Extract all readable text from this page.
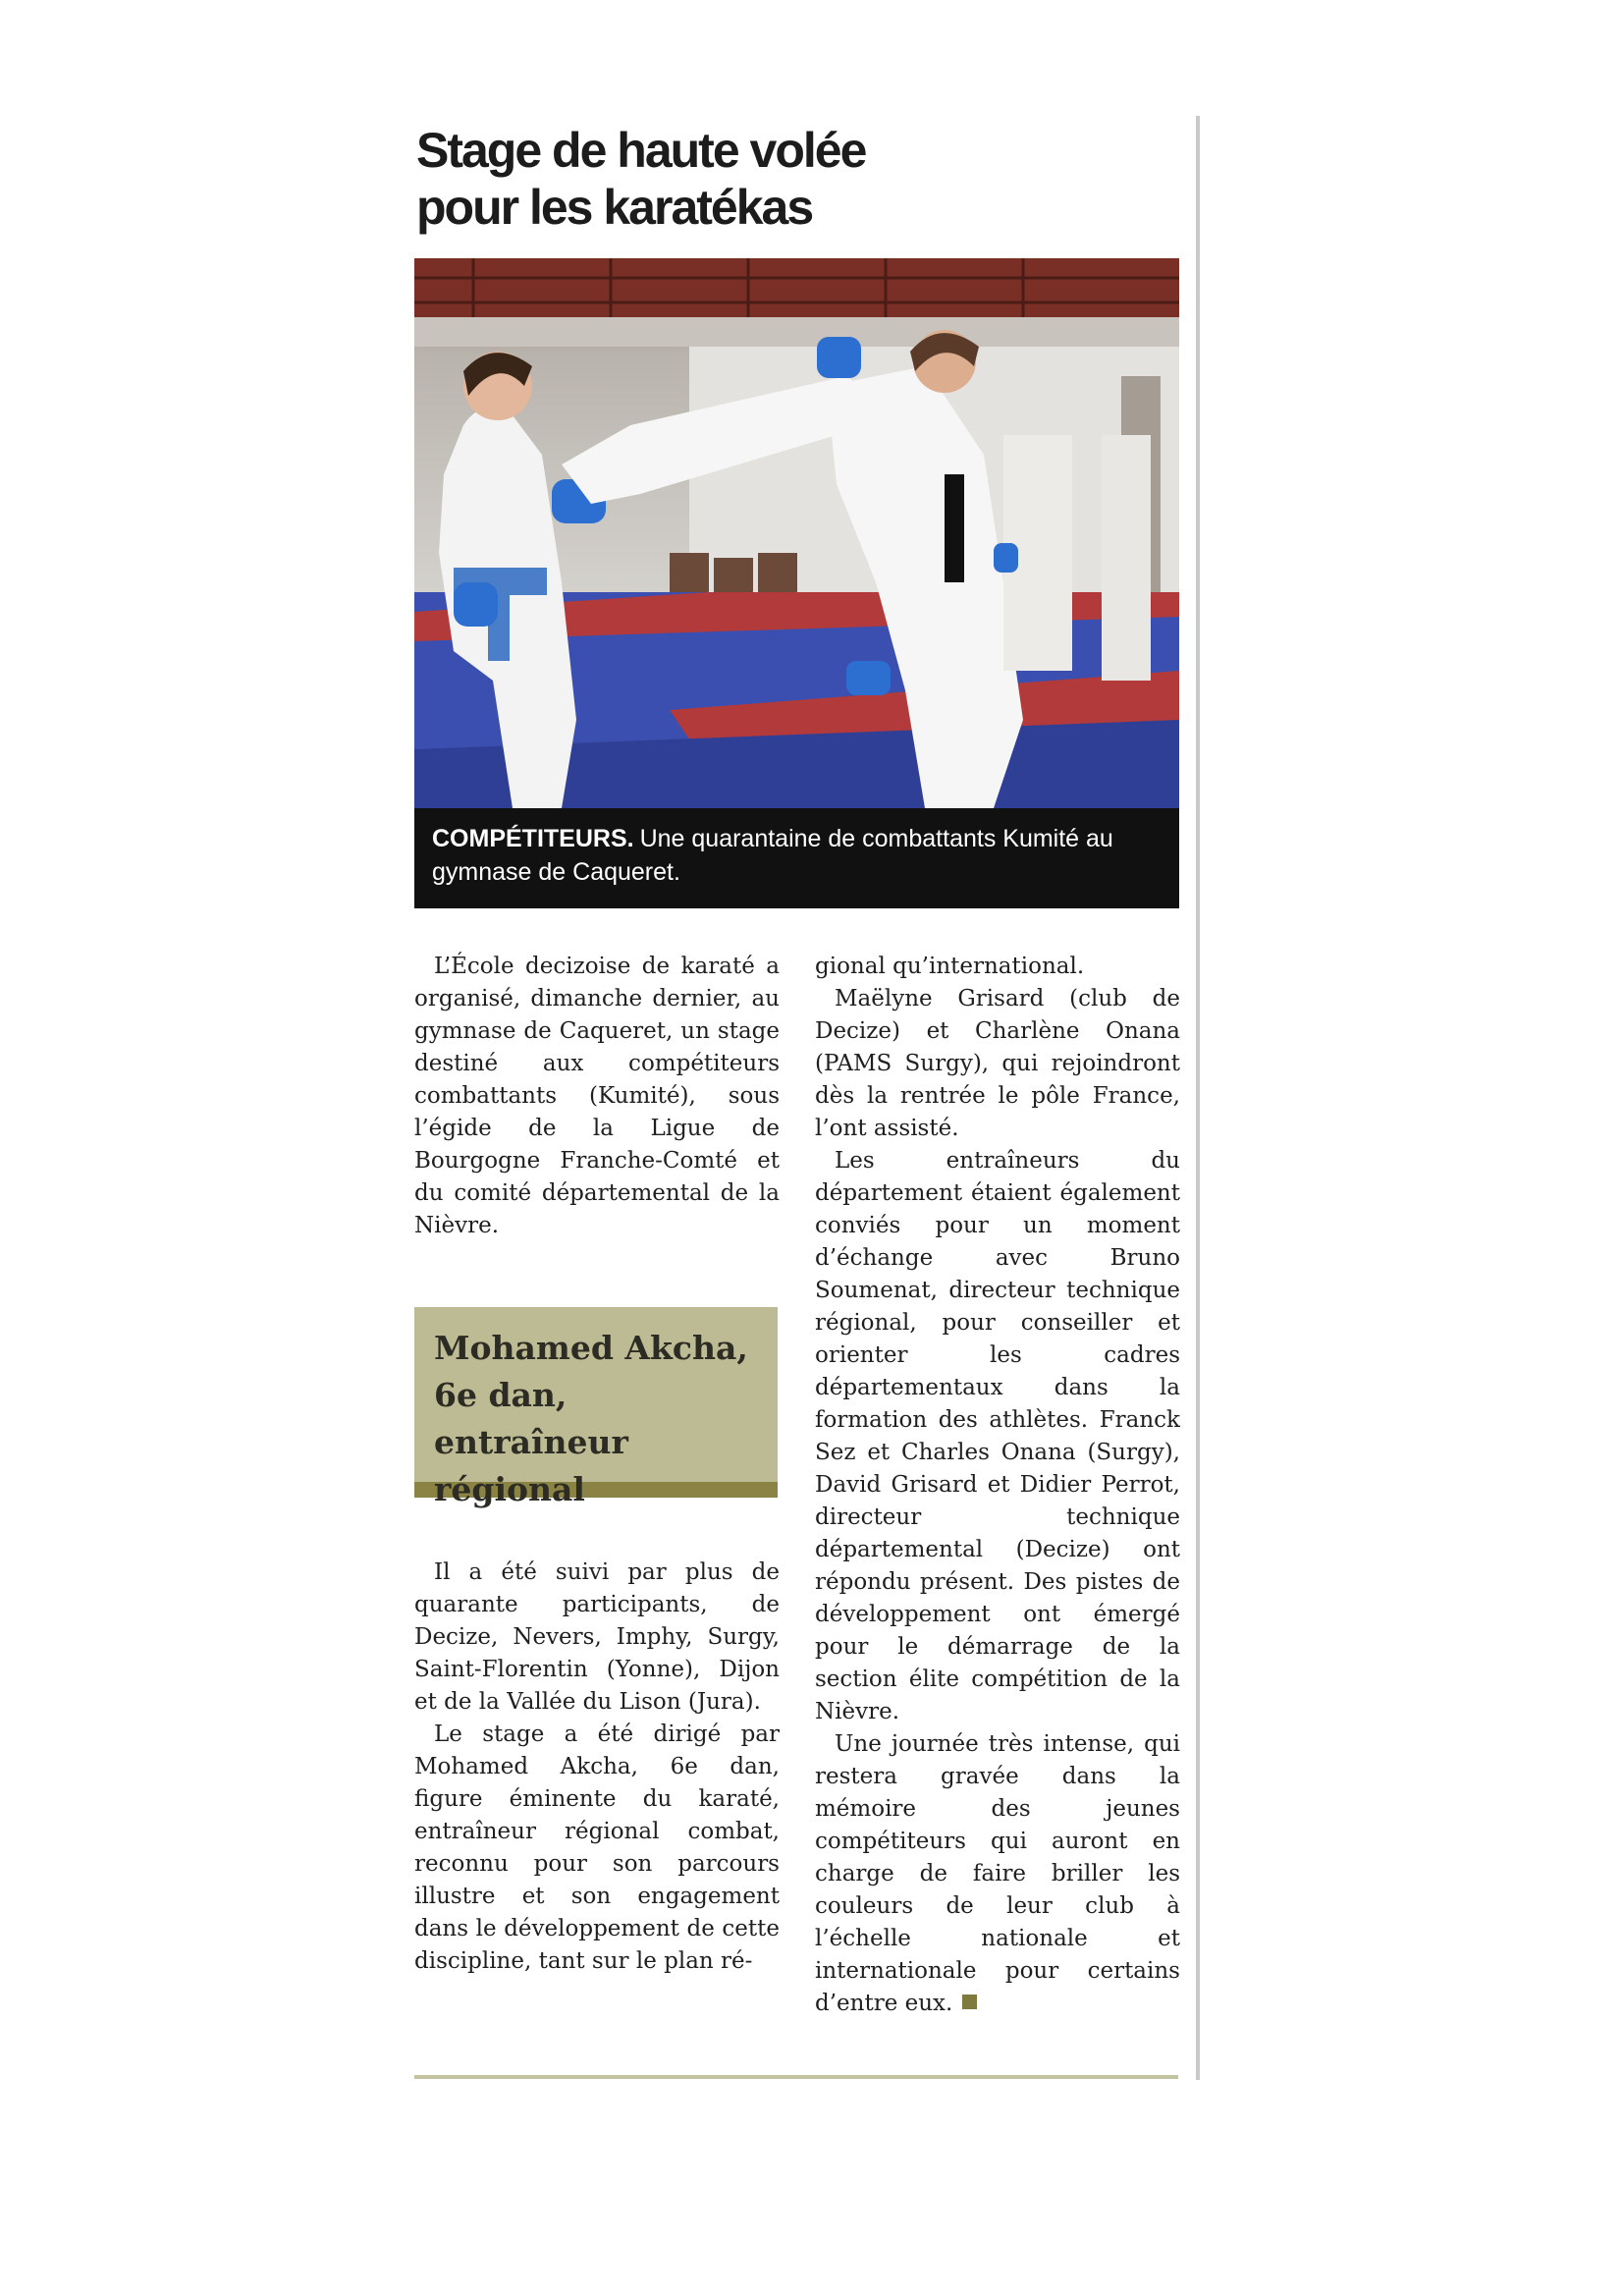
Stage de haute volée
pour les karatékas

COMPÉTITEURS. Une quarantaine de combattants Kumité au gymnase de Caqueret.

L’École decizoise de karaté a organisé, dimanche dernier, au gymnase de Caqueret, un stage destiné aux compétiteurs combattants (Kumité), sous l’égide de la Ligue de Bourgogne Franche-Comté et du comité départemental de la Nièvre.

Mohamed Akcha, 6e dan, entraîneur régional

Il a été suivi par plus de quarante participants, de Decize, Nevers, Imphy, Surgy, Saint-Florentin (Yonne), Dijon et de la Vallée du Lison (Jura).

Le stage a été dirigé par Mohamed Akcha, 6e dan, figure éminente du karaté, entraîneur régional combat, reconnu pour son parcours illustre et son engagement dans le développement de cette discipline, tant sur le plan ré-

gional qu’international.

Maëlyne Grisard (club de Decize) et Charlène Onana (PAMS Surgy), qui rejoindront dès la rentrée le pôle France, l’ont assisté.

Les entraîneurs du département étaient également conviés pour un moment d’échange avec Bruno Soumenat, directeur technique régional, pour conseiller et orienter les cadres départementaux dans la formation des athlètes. Franck Sez et Charles Onana (Surgy), David Grisard et Didier Perrot, directeur technique départemental (Decize) ont répondu présent. Des pistes de développement ont émergé pour le démarrage de la section élite compétition de la Nièvre.

Une journée très intense, qui restera gravée dans la mémoire des jeunes compétiteurs qui auront en charge de faire briller les couleurs de leur club à l’échelle nationale et internationale pour certains d’entre eux.
